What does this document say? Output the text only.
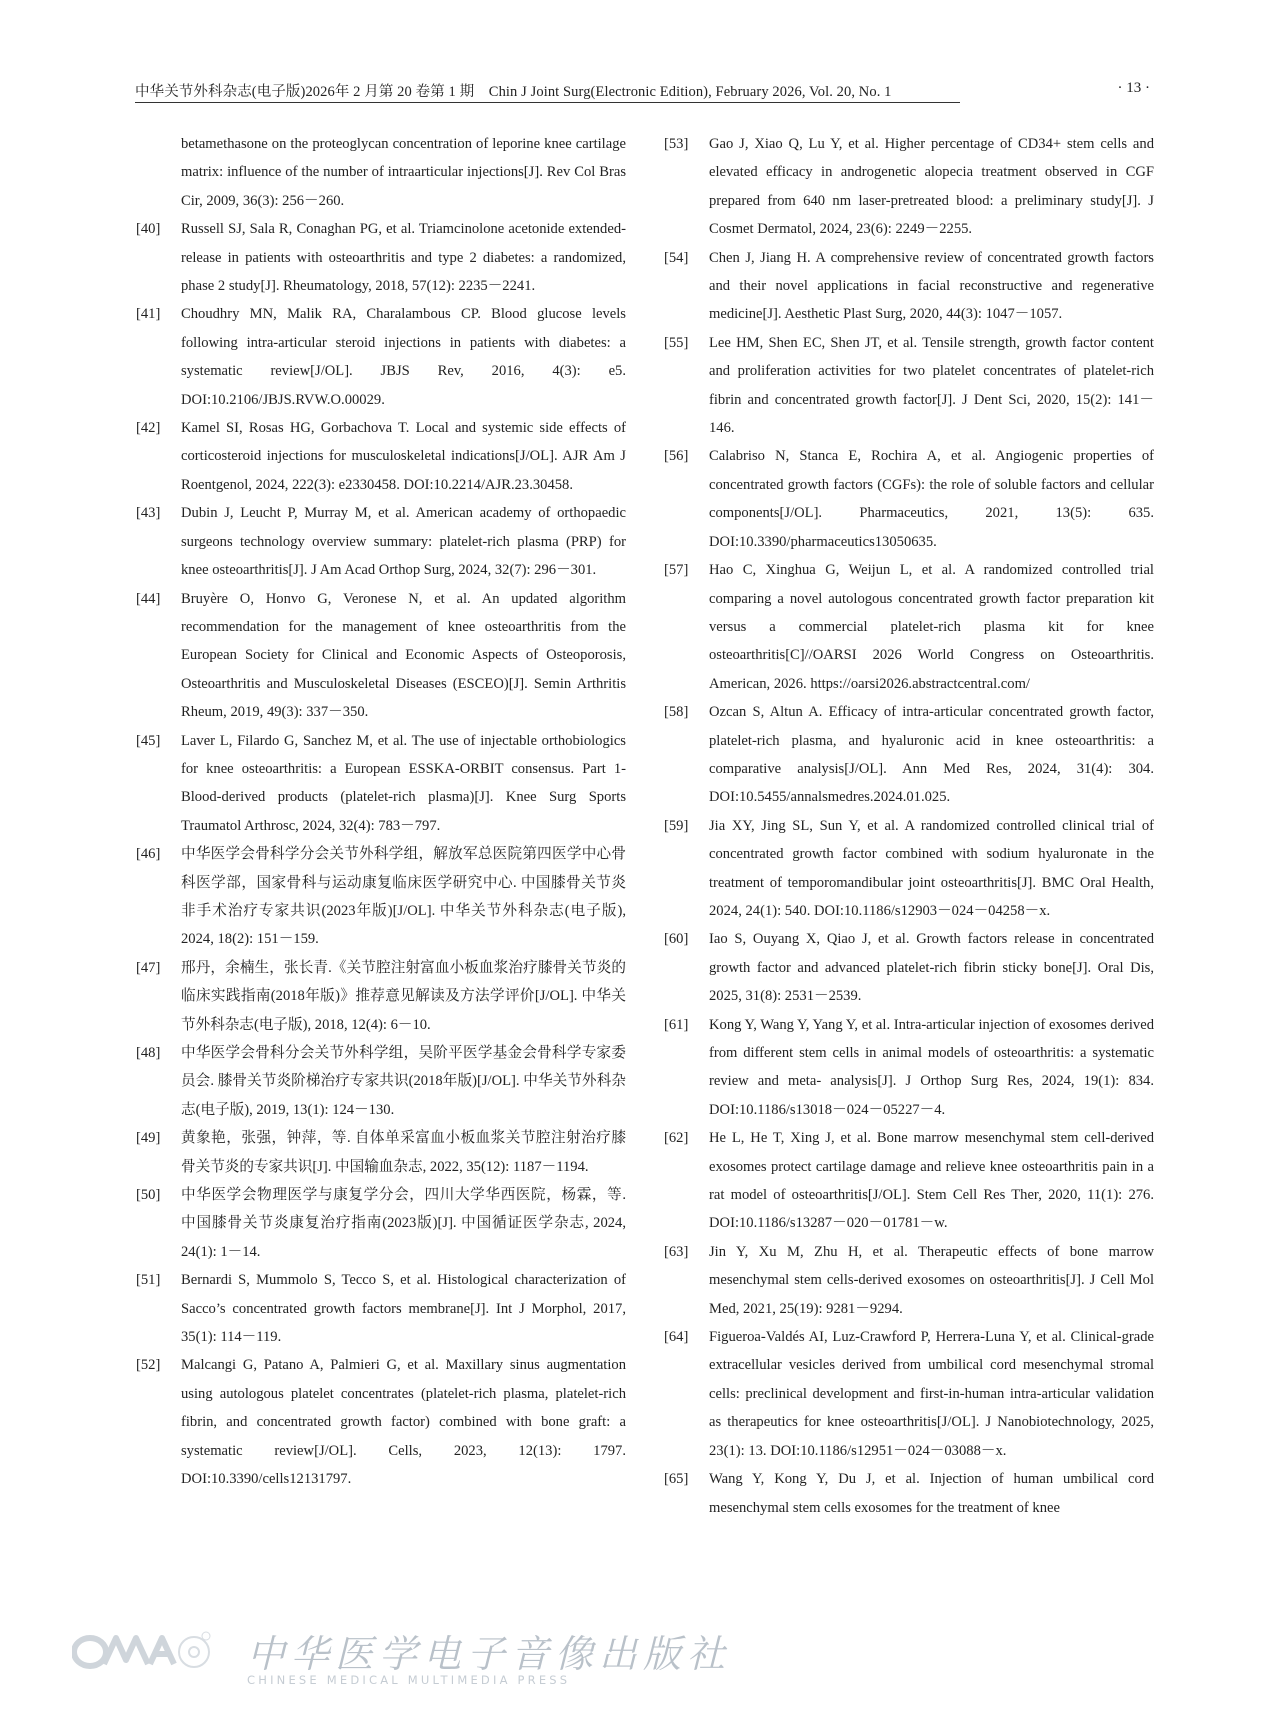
中华关节外科杂志(电子版)2026年 2 月第 20 卷第 1 期　Chin J Joint Surg(Electronic Edition), February 2026, Vol. 20, No. 1	· 13 ·
betamethasone on the proteoglycan concentration of leporine knee cartilage matrix: influence of the number of intraarticular injections[J]. Rev Col Bras Cir, 2009, 36(3): 256－260.
[40] Russell SJ, Sala R, Conaghan PG, et al. Triamcinolone acetonide extended-release in patients with osteoarthritis and type 2 diabetes: a randomized, phase 2 study[J]. Rheumatology, 2018, 57(12): 2235－2241.
[41] Choudhry MN, Malik RA, Charalambous CP. Blood glucose levels following intra-articular steroid injections in patients with diabetes: a systematic review[J/OL]. JBJS Rev, 2016, 4(3): e5. DOI:10.2106/JBJS.RVW.O.00029.
[42] Kamel SI, Rosas HG, Gorbachova T. Local and systemic side effects of corticosteroid injections for musculoskeletal indications[J/OL]. AJR Am J Roentgenol, 2024, 222(3): e2330458. DOI:10.2214/AJR.23.30458.
[43] Dubin J, Leucht P, Murray M, et al. American academy of orthopaedic surgeons technology overview summary: platelet-rich plasma (PRP) for knee osteoarthritis[J]. J Am Acad Orthop Surg, 2024, 32(7): 296－301.
[44] Bruyère O, Honvo G, Veronese N, et al. An updated algorithm recommendation for the management of knee osteoarthritis from the European Society for Clinical and Economic Aspects of Osteoporosis, Osteoarthritis and Musculoskeletal Diseases (ESCEO)[J]. Semin Arthritis Rheum, 2019, 49(3): 337－350.
[45] Laver L, Filardo G, Sanchez M, et al. The use of injectable orthobiologics for knee osteoarthritis: a European ESSKA-ORBIT consensus. Part 1-Blood-derived products (platelet-rich plasma)[J]. Knee Surg Sports Traumatol Arthrosc, 2024, 32(4): 783－797.
[46] 中华医学会骨科学分会关节外科学组，解放军总医院第四医学中心骨科医学部，国家骨科与运动康复临床医学研究中心. 中国膝骨关节炎非手术治疗专家共识(2023年版)[J/OL]. 中华关节外科杂志(电子版), 2024, 18(2): 151－159.
[47] 邢丹，余楠生，张长青.《关节腔注射富血小板血浆治疗膝骨关节炎的临床实践指南(2018年版)》推荐意见解读及方法学评价[J/OL]. 中华关节外科杂志(电子版), 2018, 12(4): 6－10.
[48] 中华医学会骨科分会关节外科学组，吴阶平医学基金会骨科学专家委员会. 膝骨关节炎阶梯治疗专家共识(2018年版)[J/OL]. 中华关节外科杂志(电子版), 2019, 13(1): 124－130.
[49] 黄象艳，张强，钟萍，等. 自体单采富血小板血浆关节腔注射治疗膝骨关节炎的专家共识[J]. 中国输血杂志, 2022, 35(12): 1187－1194.
[50] 中华医学会物理医学与康复学分会，四川大学华西医院，杨霖，等. 中国膝骨关节炎康复治疗指南(2023版)[J]. 中国循证医学杂志, 2024, 24(1): 1－14.
[51] Bernardi S, Mummolo S, Tecco S, et al. Histological characterization of Sacco’s concentrated growth factors membrane[J]. Int J Morphol, 2017, 35(1): 114－119.
[52] Malcangi G, Patano A, Palmieri G, et al. Maxillary sinus augmentation using autologous platelet concentrates (platelet-rich plasma, platelet-rich fibrin, and concentrated growth factor) combined with bone graft: a systematic review[J/OL]. Cells, 2023, 12(13): 1797. DOI:10.3390/cells12131797.
[53] Gao J, Xiao Q, Lu Y, et al. Higher percentage of CD34+ stem cells and elevated efficacy in androgenetic alopecia treatment observed in CGF prepared from 640 nm laser-pretreated blood: a preliminary study[J]. J Cosmet Dermatol, 2024, 23(6): 2249－2255.
[54] Chen J, Jiang H. A comprehensive review of concentrated growth factors and their novel applications in facial reconstructive and regenerative medicine[J]. Aesthetic Plast Surg, 2020, 44(3): 1047－1057.
[55] Lee HM, Shen EC, Shen JT, et al. Tensile strength, growth factor content and proliferation activities for two platelet concentrates of platelet-rich fibrin and concentrated growth factor[J]. J Dent Sci, 2020, 15(2): 141－146.
[56] Calabriso N, Stanca E, Rochira A, et al. Angiogenic properties of concentrated growth factors (CGFs): the role of soluble factors and cellular components[J/OL]. Pharmaceutics, 2021, 13(5): 635. DOI:10.3390/pharmaceutics13050635.
[57] Hao C, Xinghua G, Weijun L, et al. A randomized controlled trial comparing a novel autologous concentrated growth factor preparation kit versus a commercial platelet-rich plasma kit for knee osteoarthritis[C]//OARSI 2026 World Congress on Osteoarthritis. American, 2026. https://oarsi2026.abstractcentral.com/
[58] Ozcan S, Altun A. Efficacy of intra-articular concentrated growth factor, platelet-rich plasma, and hyaluronic acid in knee osteoarthritis: a comparative analysis[J/OL]. Ann Med Res, 2024, 31(4): 304. DOI:10.5455/annalsmedres.2024.01.025.
[59] Jia XY, Jing SL, Sun Y, et al. A randomized controlled clinical trial of concentrated growth factor combined with sodium hyaluronate in the treatment of temporomandibular joint osteoarthritis[J]. BMC Oral Health, 2024, 24(1): 540. DOI:10.1186/s12903－024－04258－x.
[60] Iao S, Ouyang X, Qiao J, et al. Growth factors release in concentrated growth factor and advanced platelet-rich fibrin sticky bone[J]. Oral Dis, 2025, 31(8): 2531－2539.
[61] Kong Y, Wang Y, Yang Y, et al. Intra-articular injection of exosomes derived from different stem cells in animal models of osteoarthritis: a systematic review and meta- analysis[J]. J Orthop Surg Res, 2024, 19(1): 834. DOI:10.1186/s13018－024－05227－4.
[62] He L, He T, Xing J, et al. Bone marrow mesenchymal stem cell-derived exosomes protect cartilage damage and relieve knee osteoarthritis pain in a rat model of osteoarthritis[J/OL]. Stem Cell Res Ther, 2020, 11(1): 276. DOI:10.1186/s13287－020－01781－w.
[63] Jin Y, Xu M, Zhu H, et al. Therapeutic effects of bone marrow mesenchymal stem cells-derived exosomes on osteoarthritis[J]. J Cell Mol Med, 2021, 25(19): 9281－9294.
[64] Figueroa-Valdés AI, Luz-Crawford P, Herrera-Luna Y, et al. Clinical-grade extracellular vesicles derived from umbilical cord mesenchymal stromal cells: preclinical development and first-in-human intra-articular validation as therapeutics for knee osteoarthritis[J/OL]. J Nanobiotechnology, 2025, 23(1): 13. DOI:10.1186/s12951－024－03088－x.
[65] Wang Y, Kong Y, Du J, et al. Injection of human umbilical cord mesenchymal stem cells exosomes for the treatment of knee
中华医学电子音像出版社
CHINESE MEDICAL MULTIMEDIA PRESS
